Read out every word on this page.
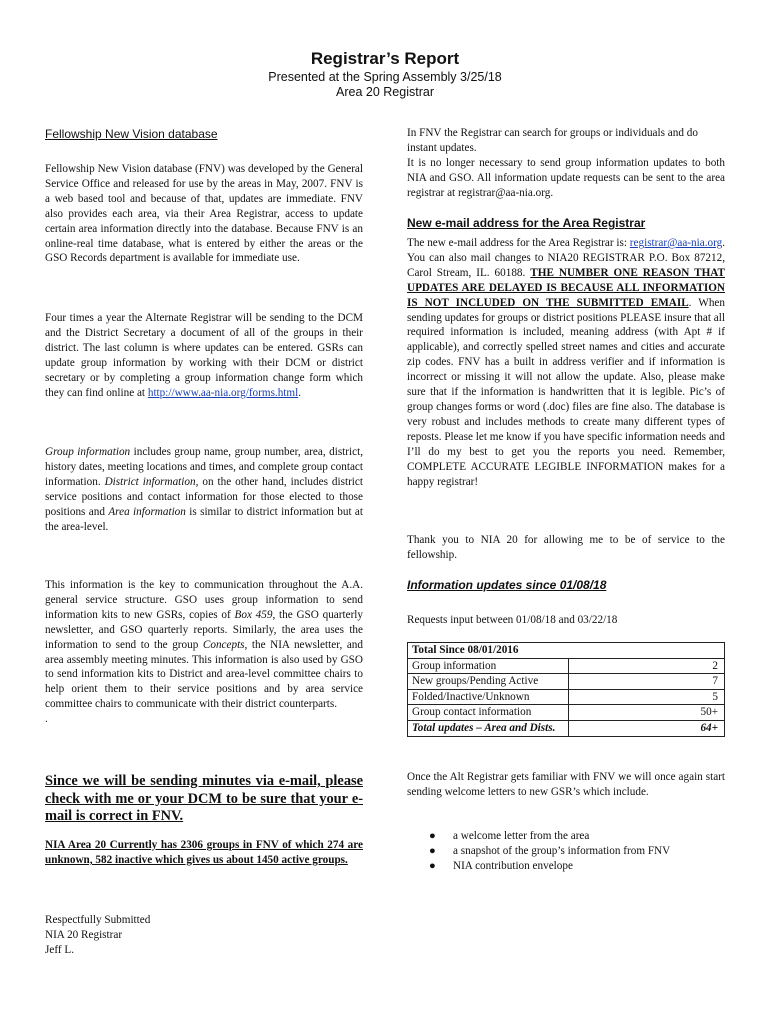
Registrar’s Report
Presented at the Spring Assembly 3/25/18
Area 20 Registrar
Fellowship New Vision database

Fellowship New Vision database (FNV) was developed by the General Service Office and released for use by the areas in May, 2007. FNV is a web based tool and because of that, updates are immediate. FNV also provides each area, via their Area Registrar, access to update certain area information directly into the database. Because FNV is an online-real time database, what is entered by either the areas or the GSO Records department is available for immediate use.

Four times a year the Alternate Registrar will be sending to the DCM and the District Secretary a document of all of the groups in their district. The last column is where updates can be entered. GSRs can update group information by working with their DCM or district secretary or by completing a group information change form which they can find online at http://www.aa-nia.org/forms.html.

Group information includes group name, group number, area, district, history dates, meeting locations and times, and complete group contact information. District information, on the other hand, includes district service positions and contact information for those elected to those positions and Area information is similar to district information but at the area-level.

This information is the key to communication throughout the A.A. general service structure. GSO uses group information to send information kits to new GSRs, copies of Box 459, the GSO quarterly newsletter, and GSO quarterly reports. Similarly, the area uses the information to send to the group Concepts, the NIA newsletter, and area assembly meeting minutes. This information is also used by GSO to send information kits to District and area-level committee chairs to help orient them to their service positions and by area service committee chairs to communicate with their district counterparts.

.

Since we will be sending minutes via e-mail, please check with me or your DCM to be sure that your e-mail is correct in FNV.

NIA Area 20 Currently has 2306 groups in FNV of which 274 are unknown, 582 inactive which gives us about 1450 active groups.

Respectfully Submitted

NIA 20 Registrar

Jeff L.

In FNV the Registrar can search for groups or individuals and do instant updates.

It is no longer necessary to send group information updates to both NIA and GSO. All information update requests can be sent to the area registrar at registrar@aa-nia.org.

New e-mail address for the Area Registrar

The new e-mail address for the Area Registrar is: registrar@aa-nia.org. You can also mail changes to NIA20 REGISTRAR P.O. Box 87212, Carol Stream, IL. 60188. THE NUMBER ONE REASON THAT UPDATES ARE DELAYED IS BECAUSE ALL INFORMATION IS NOT INCLUDED ON THE SUBMITTED EMAIL. When sending updates for groups or district positions PLEASE insure that all required information is included, meaning address (with Apt # if applicable), and correctly spelled street names and cities and accurate zip codes. FNV has a built in address verifier and if information is incorrect or missing it will not allow the update. Also, please make sure that if the information is handwritten that it is legible. Pic’s of group changes forms or word (.doc) files are fine also. The database is very robust and includes methods to create many different types of reposts. Please let me know if you have specific information needs and I’ll do my best to get you the reports you need. Remember, COMPLETE ACCURATE LEGIBLE INFORMATION makes for a happy registrar!

Thank you to NIA 20 for allowing me to be of service to the fellowship.

Information updates since 01/08/18

Requests input between 01/08/18 and 03/22/18

Total Since 08/01/2016	
Group information	2
New groups/Pending Active	7
Folded/Inactive/Unknown	5
Group contact information	50+
Total updates – Area and Dists.	64+

Once the Alt Registrar gets familiar with FNV we will once again start sending welcome letters to new GSR’s which include.

● a welcome letter from the area
● a snapshot of the group’s information from FNV
● NIA contribution envelope
